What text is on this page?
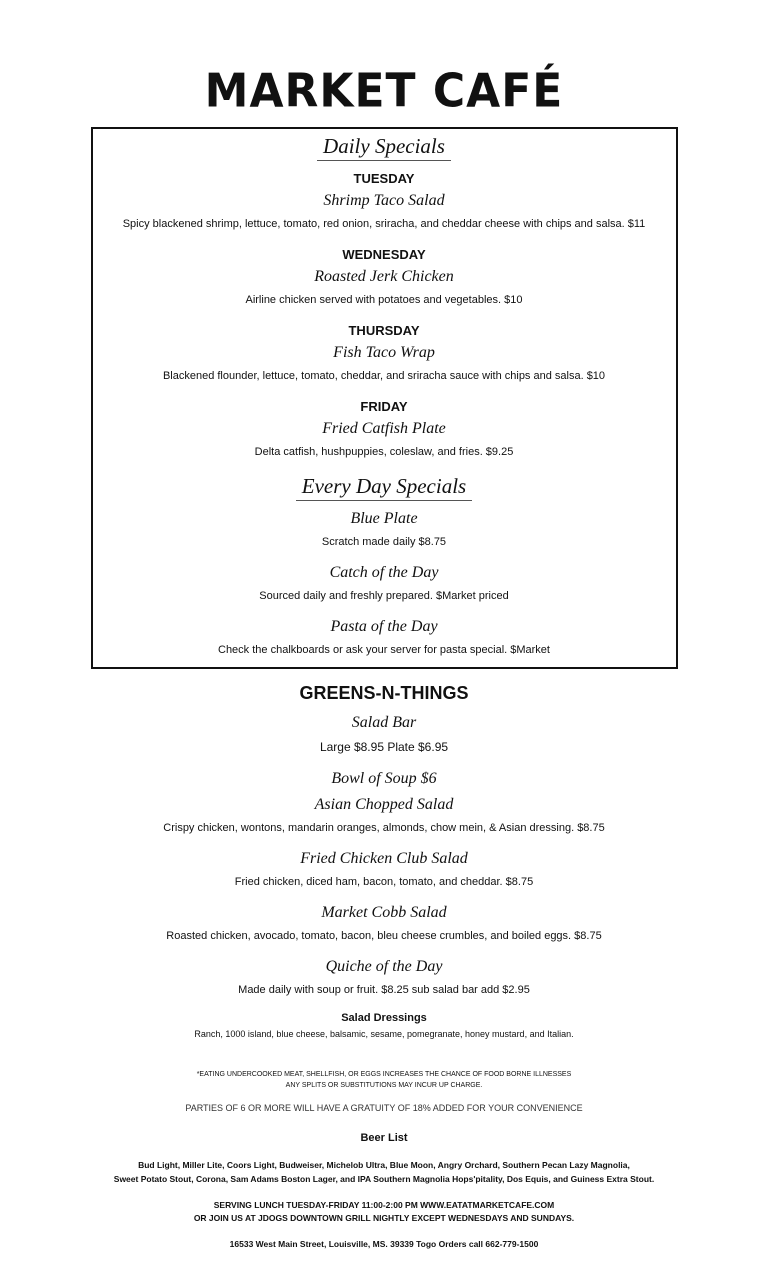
MARKET CAFÉ
Daily Specials
TUESDAY
Shrimp Taco Salad
Spicy blackened shrimp, lettuce, tomato, red onion, sriracha, and cheddar cheese with chips and salsa. $11
WEDNESDAY
Roasted Jerk Chicken
Airline chicken served with potatoes and vegetables. $10
THURSDAY
Fish Taco Wrap
Blackened flounder, lettuce, tomato, cheddar, and sriracha sauce with chips and salsa. $10
FRIDAY
Fried Catfish Plate
Delta catfish, hushpuppies, coleslaw, and fries. $9.25
Every Day Specials
Blue Plate
Scratch made daily $8.75
Catch of the Day
Sourced daily and freshly prepared. $Market priced
Pasta of the Day
Check the chalkboards or ask your server for pasta special. $Market
GREENS-N-THINGS
Salad Bar
Large $8.95 Plate $6.95
Bowl of Soup $6
Asian Chopped Salad
Crispy chicken, wontons, mandarin oranges, almonds, chow mein, & Asian dressing. $8.75
Fried Chicken Club Salad
Fried chicken, diced ham, bacon, tomato, and cheddar. $8.75
Market Cobb Salad
Roasted chicken, avocado, tomato, bacon, bleu cheese crumbles, and boiled eggs. $8.75
Quiche of the Day
Made daily with soup or fruit. $8.25 sub salad bar add $2.95
Salad Dressings
Ranch, 1000 island, blue cheese, balsamic, sesame, pomegranate, honey mustard, and Italian.
*EATING UNDERCOOKED MEAT, SHELLFISH, OR EGGS INCREASES THE CHANCE OF FOOD BORNE ILLNESSES
ANY SPLITS OR SUBSTITUTIONS MAY INCUR UP CHARGE.
PARTIES OF 6 OR MORE WILL HAVE A GRATUITY OF 18% ADDED FOR YOUR CONVENIENCE
Beer List
Bud Light, Miller Lite, Coors Light, Budweiser, Michelob Ultra, Blue Moon, Angry Orchard, Southern Pecan Lazy Magnolia,
Sweet Potato Stout, Corona, Sam Adams Boston Lager, and IPA Southern Magnolia Hops'pitality, Dos Equis, and Guiness Extra Stout.
SERVING LUNCH TUESDAY-FRIDAY 11:00-2:00 PM WWW.EATATMARKETCAFE.COM
OR JOIN US AT JDOGS DOWNTOWN GRILL NIGHTLY EXCEPT WEDNESDAYS AND SUNDAYS.
16533 West Main Street, Louisville, MS. 39339 Togo Orders call 662-779-1500
